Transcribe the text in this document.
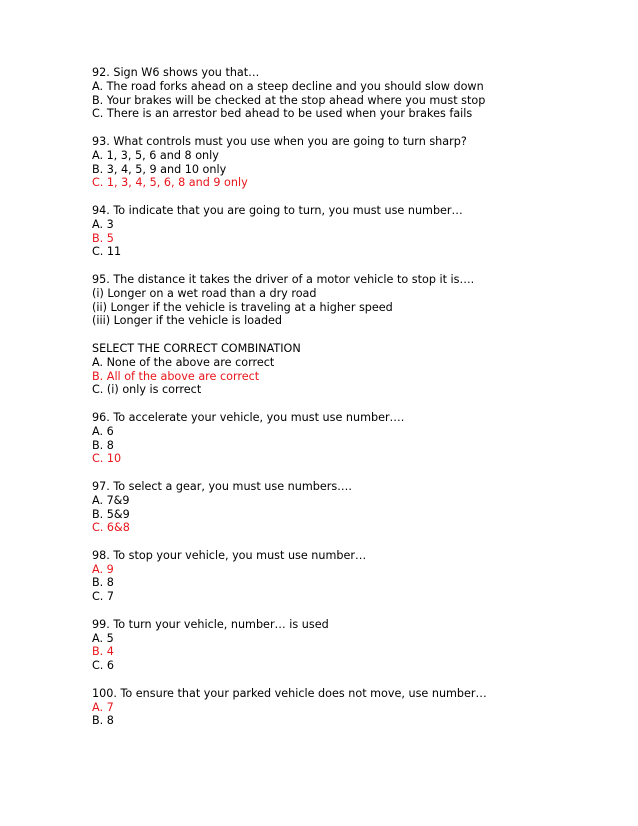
92. Sign W6 shows you that…
A. The road forks ahead on a steep decline and you should slow down
B. Your brakes will be checked at the stop ahead where you must stop
C. There is an arrestor bed ahead to be used when your brakes fails
93. What controls must you use when you are going to turn sharp?
A. 1, 3, 5, 6 and 8 only
B. 3, 4, 5, 9 and 10 only
C. 1, 3, 4, 5, 6, 8 and 9 only
94. To indicate that you are going to turn, you must use number…
A. 3
B. 5
C. 11
95. The distance it takes the driver of a motor vehicle to stop it is….
(i) Longer on a wet road than a dry road
(ii) Longer if the vehicle is traveling at a higher speed
(iii) Longer if the vehicle is loaded
SELECT THE CORRECT COMBINATION
A. None of the above are correct
B. All of the above are correct
C. (i) only is correct
96. To accelerate your vehicle, you must use number….
A. 6
B. 8
C. 10
97. To select a gear, you must use numbers….
A. 7&9
B. 5&9
C. 6&8
98. To stop your vehicle, you must use number…
A. 9
B. 8
C. 7
99. To turn your vehicle, number… is used
A. 5
B. 4
C. 6
100. To ensure that your parked vehicle does not move, use number…
A. 7
B. 8
